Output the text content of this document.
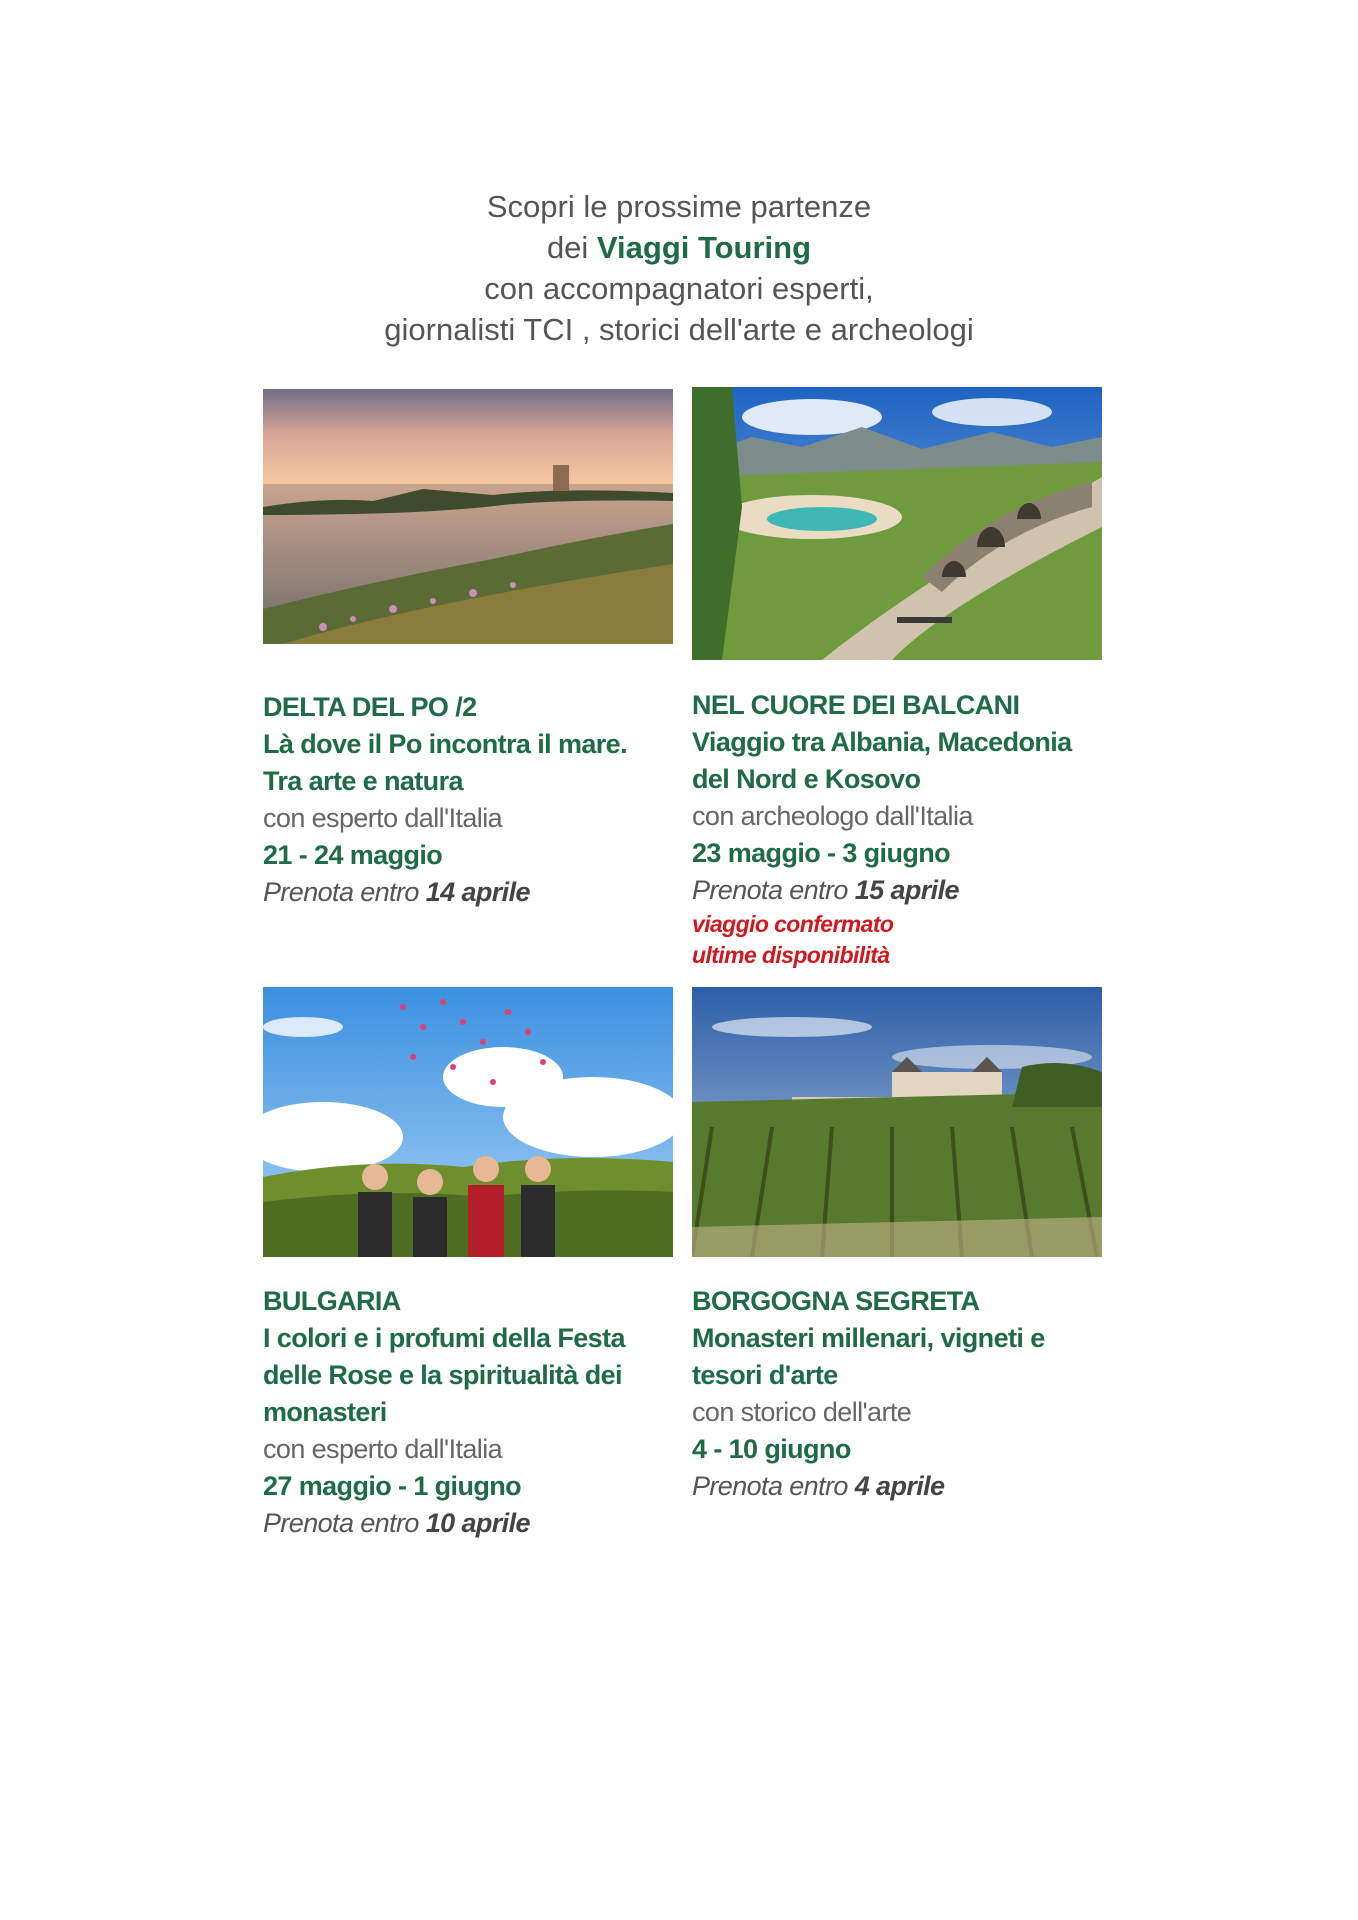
Scopri le prossime partenze
dei Viaggi Touring
con accompagnatori esperti,
giornalisti TCI , storici dell'arte e archeologi
DELTA DEL PO /2
Là dove il Po incontra il mare.
Tra arte e natura
con esperto dall'Italia
21 - 24 maggio
Prenota entro 14 aprile
NEL CUORE DEI BALCANI
Viaggio tra Albania, Macedonia
del Nord e Kosovo
con archeologo dall'Italia
23 maggio - 3 giugno
Prenota entro 15 aprile
viaggio confermato
ultime disponibilità
BULGARIA
I colori e i profumi della Festa
delle Rose e la spiritualità dei
monasteri
con esperto dall'Italia
27 maggio - 1 giugno
Prenota entro 10 aprile
BORGOGNA SEGRETA
Monasteri millenari, vigneti e
tesori d'arte
con storico dell'arte
4 - 10 giugno
Prenota entro 4 aprile
